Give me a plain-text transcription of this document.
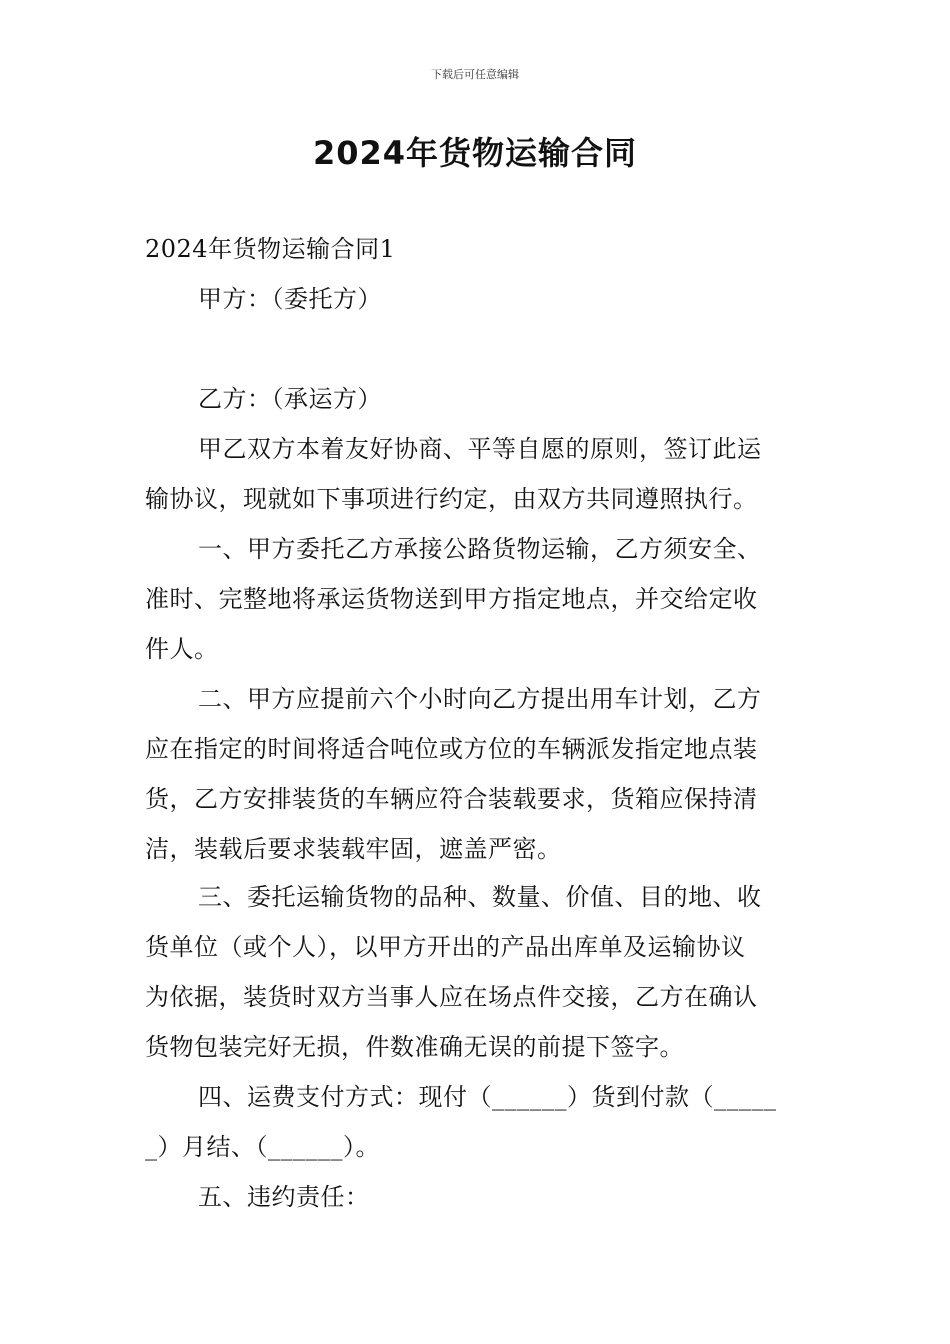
下载后可任意编辑
2024年货物运输合同
2024年货物运输合同1
甲方：（委托方）
乙方：（承运方）
甲乙双方本着友好协商、平等自愿的原则，签订此运
输协议，现就如下事项进行约定，由双方共同遵照执行。
一、甲方委托乙方承接公路货物运输，乙方须安全、
准时、完整地将承运货物送到甲方指定地点，并交给定收
件人。
二、甲方应提前六个小时向乙方提出用车计划，乙方
应在指定的时间将适合吨位或方位的车辆派发指定地点装
货，乙方安排装货的车辆应符合装载要求，货箱应保持清
洁，装载后要求装载牢固，遮盖严密。
三、委托运输货物的品种、数量、价值、目的地、收
货单位（或个人），以甲方开出的产品出库单及运输协议
为依据，装货时双方当事人应在场点件交接，乙方在确认
货物包装完好无损，件数准确无误的前提下签字。
四、运费支付方式：现付（______）货到付款（_____
_）月结、（______）。
五、违约责任：
